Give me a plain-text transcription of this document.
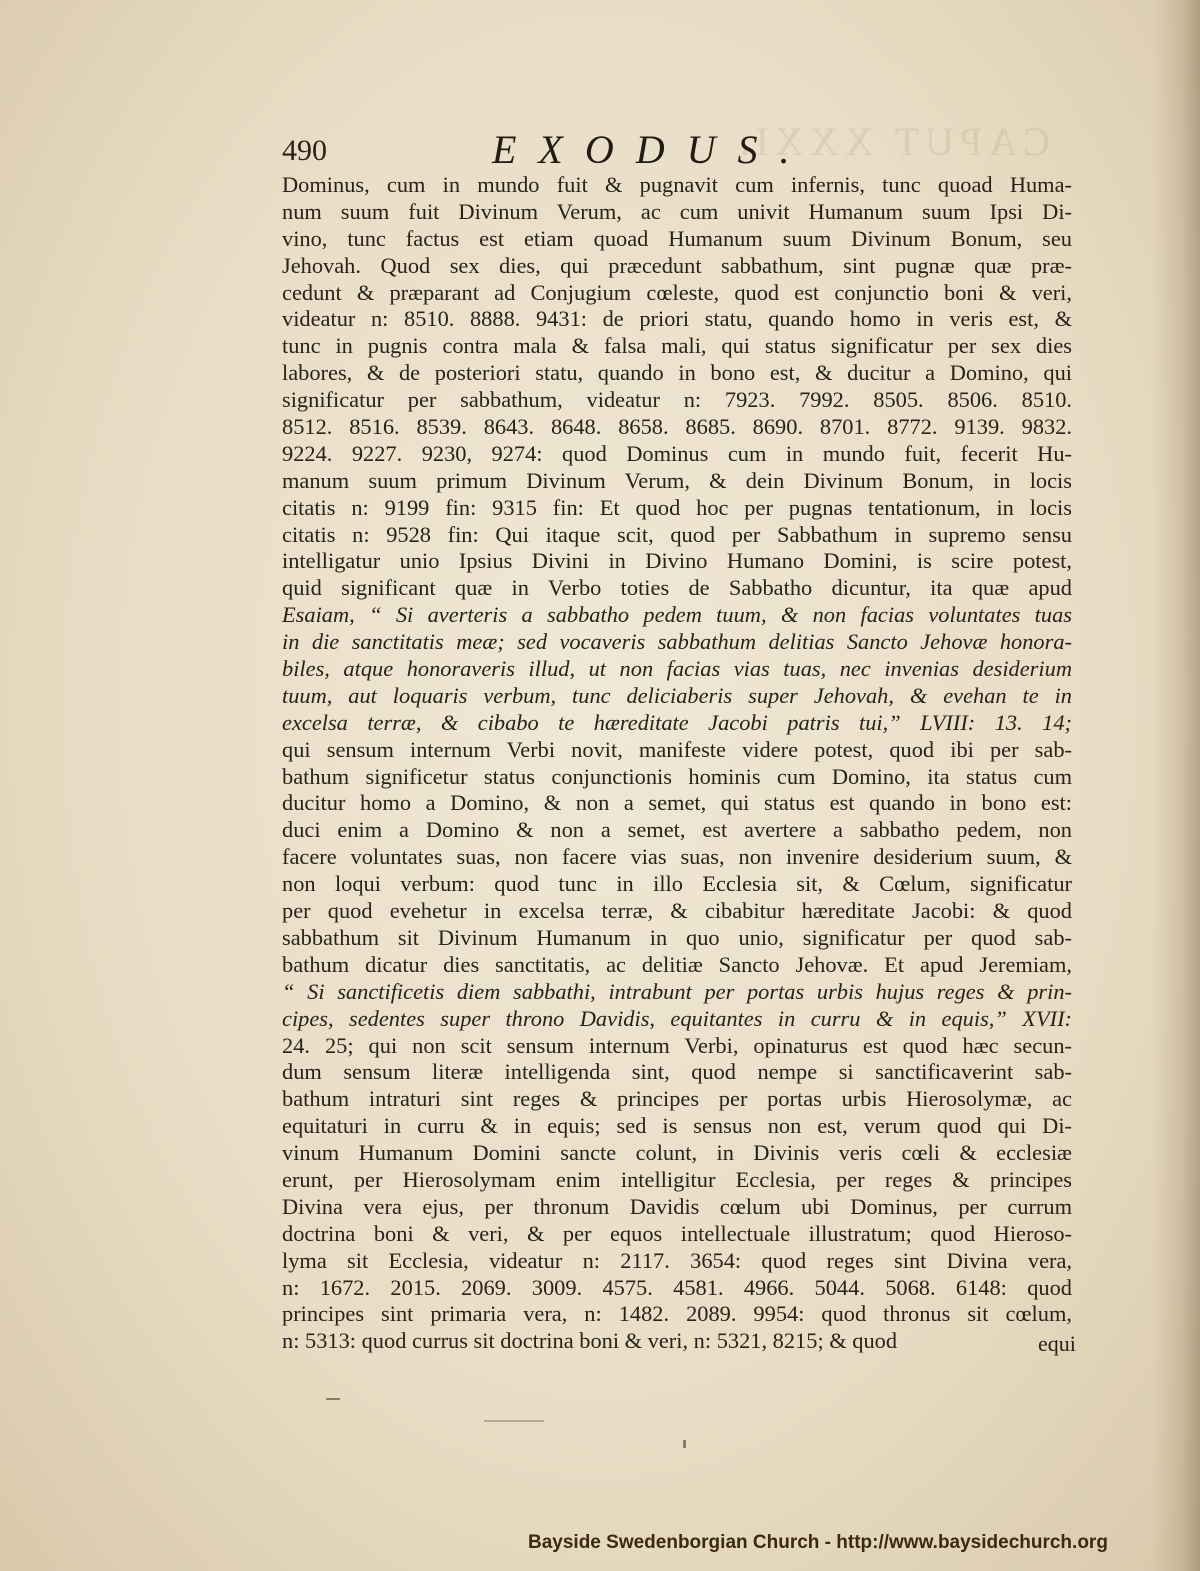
CAPUT XXXI.
490	EXODUS.
Dominus, cum in mundo fuit & pugnavit cum infernis, tunc quoad Huma-
num suum fuit Divinum Verum, ac cum univit Humanum suum Ipsi Di-
vino, tunc factus est etiam quoad Humanum suum Divinum Bonum, seu
Jehovah. Quod sex dies, qui præcedunt sabbathum, sint pugnæ quæ præ-
cedunt & præparant ad Conjugium cœleste, quod est conjunctio boni & veri,
videatur n: 8510. 8888. 9431: de priori statu, quando homo in veris est, &
tunc in pugnis contra mala & falsa mali, qui status significatur per sex dies
labores, & de posteriori statu, quando in bono est, & ducitur a Domino, qui
significatur per sabbathum, videatur n: 7923. 7992. 8505. 8506. 8510.
8512. 8516. 8539. 8643. 8648. 8658. 8685. 8690. 8701. 8772. 9139. 9832.
9224. 9227. 9230, 9274: quod Dominus cum in mundo fuit, fecerit Hu-
manum suum primum Divinum Verum, & dein Divinum Bonum, in locis
citatis n: 9199 fin: 9315 fin: Et quod hoc per pugnas tentationum, in locis
citatis n: 9528 fin: Qui itaque scit, quod per Sabbathum in supremo sensu
intelligatur unio Ipsius Divini in Divino Humano Domini, is scire potest,
quid significant quæ in Verbo toties de Sabbatho dicuntur, ita quæ apud
Esaiam, “ Si averteris a sabbatho pedem tuum, & non facias voluntates tuas
in die sanctitatis meæ; sed vocaveris sabbathum delitias Sancto Jehovæ honora-
biles, atque honoraveris illud, ut non facias vias tuas, nec invenias desiderium
tuum, aut loquaris verbum, tunc deliciaberis super Jehovah, & evehan te in
excelsa terræ, & cibabo te hæreditate Jacobi patris tui,” LVIII: 13. 14;
qui sensum internum Verbi novit, manifeste videre potest, quod ibi per sab-
bathum significetur status conjunctionis hominis cum Domino, ita status cum
ducitur homo a Domino, & non a semet, qui status est quando in bono est:
duci enim a Domino & non a semet, est avertere a sabbatho pedem, non
facere voluntates suas, non facere vias suas, non invenire desiderium suum, &
non loqui verbum: quod tunc in illo Ecclesia sit, & Cœlum, significatur
per quod evehetur in excelsa terræ, & cibabitur hæreditate Jacobi: & quod
sabbathum sit Divinum Humanum in quo unio, significatur per quod sab-
bathum dicatur dies sanctitatis, ac delitiæ Sancto Jehovæ. Et apud Jeremiam,
“ Si sanctificetis diem sabbathi, intrabunt per portas urbis hujus reges & prin-
cipes, sedentes super throno Davidis, equitantes in curru & in equis,” XVII:
24. 25; qui non scit sensum internum Verbi, opinaturus est quod hæc secun-
dum sensum literæ intelligenda sint, quod nempe si sanctificaverint sab-
bathum intraturi sint reges & principes per portas urbis Hierosolymæ, ac
equitaturi in curru & in equis; sed is sensus non est, verum quod qui Di-
vinum Humanum Domini sancte colunt, in Divinis veris cœli & ecclesiæ
erunt, per Hierosolymam enim intelligitur Ecclesia, per reges & principes
Divina vera ejus, per thronum Davidis cœlum ubi Dominus, per currum
doctrina boni & veri, & per equos intellectuale illustratum; quod Hieroso-
lyma sit Ecclesia, videatur n: 2117. 3654: quod reges sint Divina vera,
n: 1672. 2015. 2069. 3009. 4575. 4581. 4966. 5044. 5068. 6148: quod
principes sint primaria vera, n: 1482. 2089. 9954: quod thronus sit cœlum,
n: 5313: quod currus sit doctrina boni & veri, n: 5321, 8215; & quod	equi
Bayside Swedenborgian Church - http://www.baysidechurch.org
